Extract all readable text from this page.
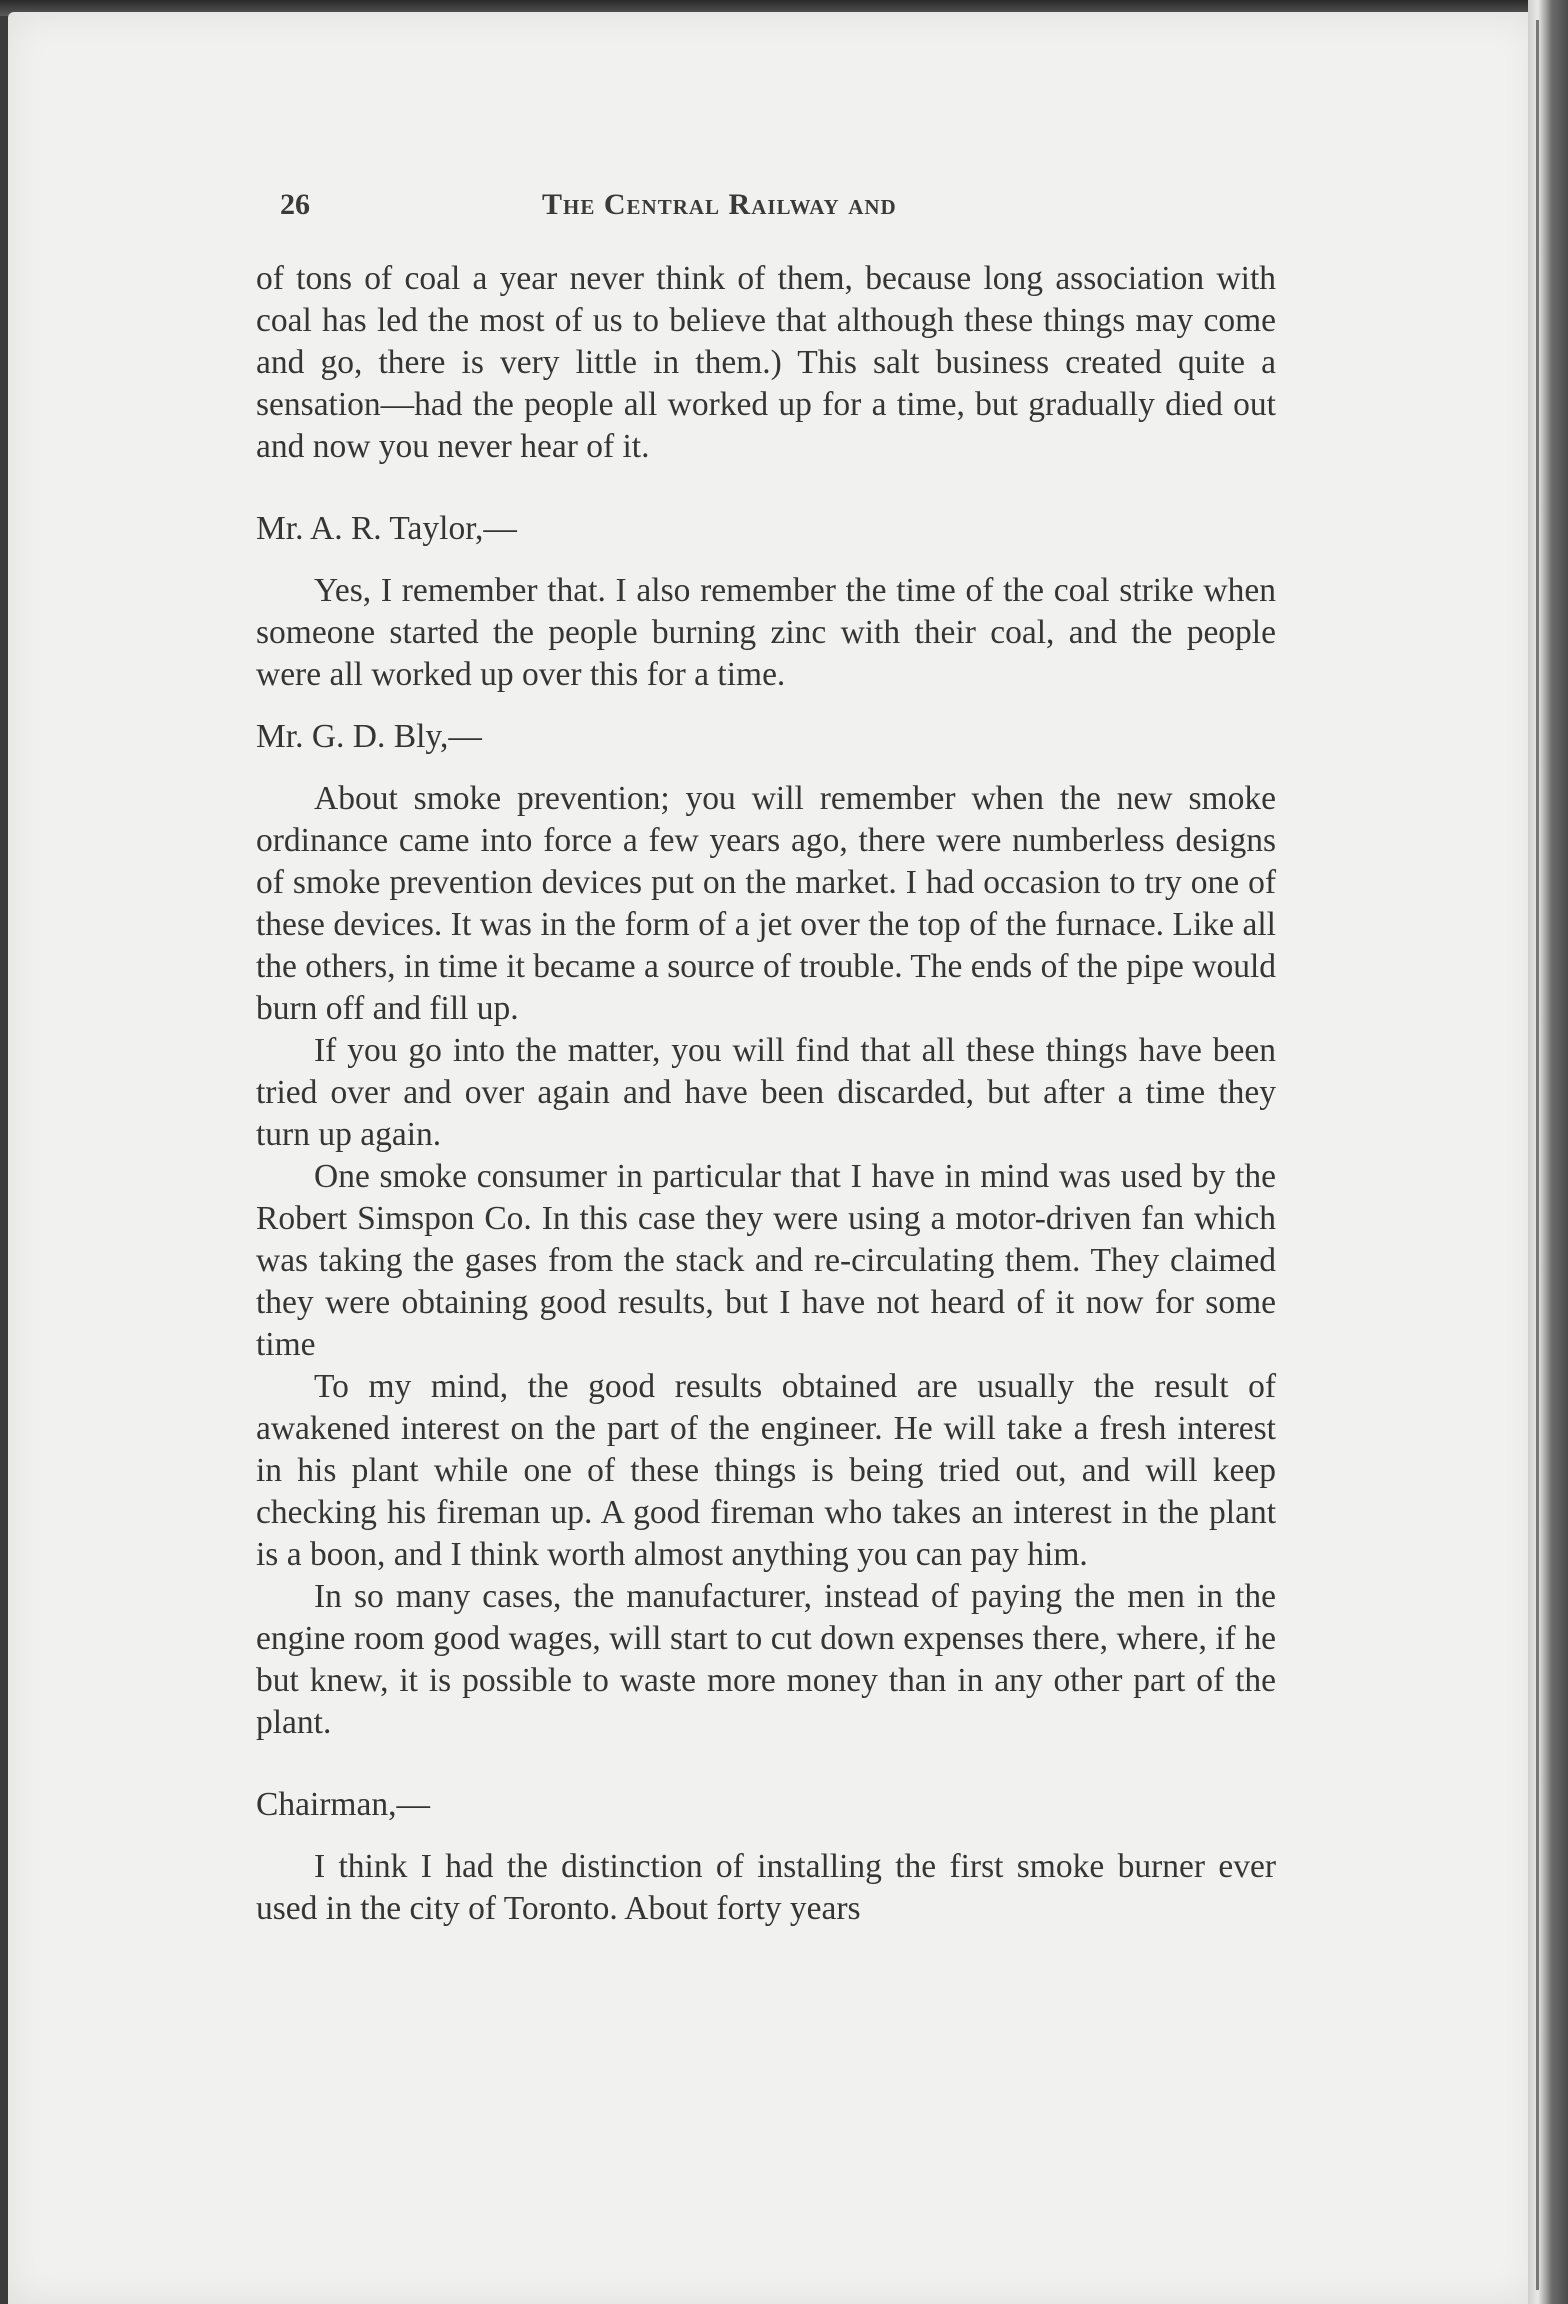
26	The Central Railway and

of tons of coal a year never think of them, because long association with coal has led the most of us to believe that although these things may come and go, there is very little in them.) This salt business created quite a sensation—had the people all worked up for a time, but gradually died out and now you never hear of it.

Mr. A. R. Taylor,—

Yes, I remember that. I also remember the time of the coal strike when someone started the people burning zinc with their coal, and the people were all worked up over this for a time.

Mr. G. D. Bly,—

About smoke prevention; you will remember when the new smoke ordinance came into force a few years ago, there were numberless designs of smoke prevention devices put on the market. I had occasion to try one of these devices. It was in the form of a jet over the top of the furnace. Like all the others, in time it became a source of trouble. The ends of the pipe would burn off and fill up.

If you go into the matter, you will find that all these things have been tried over and over again and have been discarded, but after a time they turn up again.

One smoke consumer in particular that I have in mind was used by the Robert Simspon Co. In this case they were using a motor-driven fan which was taking the gases from the stack and re-circulating them. They claimed they were obtaining good results, but I have not heard of it now for some time

To my mind, the good results obtained are usually the result of awakened interest on the part of the engineer. He will take a fresh interest in his plant while one of these things is being tried out, and will keep checking his fireman up. A good fireman who takes an interest in the plant is a boon, and I think worth almost anything you can pay him.

In so many cases, the manufacturer, instead of paying the men in the engine room good wages, will start to cut down expenses there, where, if he but knew, it is possible to waste more money than in any other part of the plant.

Chairman,—

I think I had the distinction of installing the first smoke burner ever used in the city of Toronto. About forty years
